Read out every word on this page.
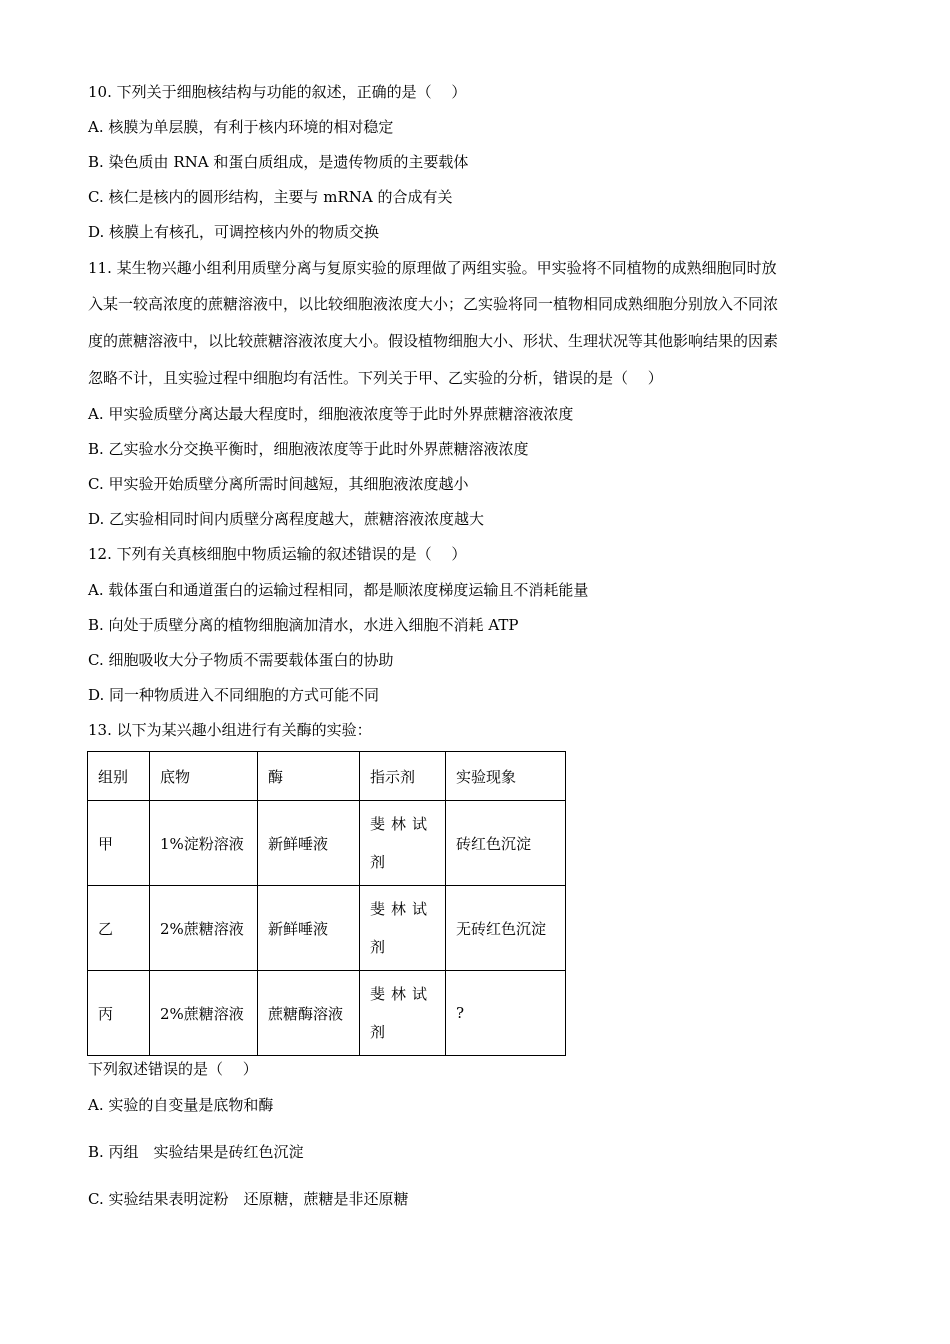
10. 下列关于细胞核结构与功能的叙述，正确的是（　 ）
A. 核膜为单层膜，有利于核内环境的相对稳定
B. 染色质由 RNA 和蛋白质组成，是遗传物质的主要载体
C. 核仁是核内的圆形结构，主要与 mRNA 的合成有关
D. 核膜上有核孔，可调控核内外的物质交换
11. 某生物兴趣小组利用质壁分离与复原实验的原理做了两组实验。甲实验将不同植物的成熟细胞同时放
入某一较高浓度的蔗糖溶液中，以比较细胞液浓度大小；乙实验将同一植物相同成熟细胞分别放入不同浓
度的蔗糖溶液中，以比较蔗糖溶液浓度大小。假设植物细胞大小、形状、生理状况等其他影响结果的因素
忽略不计，且实验过程中细胞均有活性。下列关于甲、乙实验的分析，错误的是（　 ）
A. 甲实验质壁分离达最大程度时，细胞液浓度等于此时外界蔗糖溶液浓度
B. 乙实验水分交换平衡时，细胞液浓度等于此时外界蔗糖溶液浓度
C. 甲实验开始质壁分离所需时间越短，其细胞液浓度越小
D. 乙实验相同时间内质壁分离程度越大，蔗糖溶液浓度越大
12. 下列有关真核细胞中物质运输的叙述错误的是（　 ）
A. 载体蛋白和通道蛋白的运输过程相同，都是顺浓度梯度运输且不消耗能量
B. 向处于质壁分离的植物细胞滴加清水，水进入细胞不消耗 ATP
C. 细胞吸收大分子物质不需要载体蛋白的协助
D. 同一种物质进入不同细胞的方式可能不同
13. 以下为某兴趣小组进行有关酶的实验：
组别	底物	酶	指示剂	实验现象
甲	1%淀粉溶液	新鲜唾液	斐林试剂	砖红色沉淀
乙	2%蔗糖溶液	新鲜唾液	斐林试剂	无砖红色沉淀
丙	2%蔗糖溶液	蔗糖酶溶液	斐林试剂	?
下列叙述错误的是（　 ）
A. 实验的自变量是底物和酶
B. 丙组　实验结果是砖红色沉淀
C. 实验结果表明淀粉　还原糖，蔗糖是非还原糖
